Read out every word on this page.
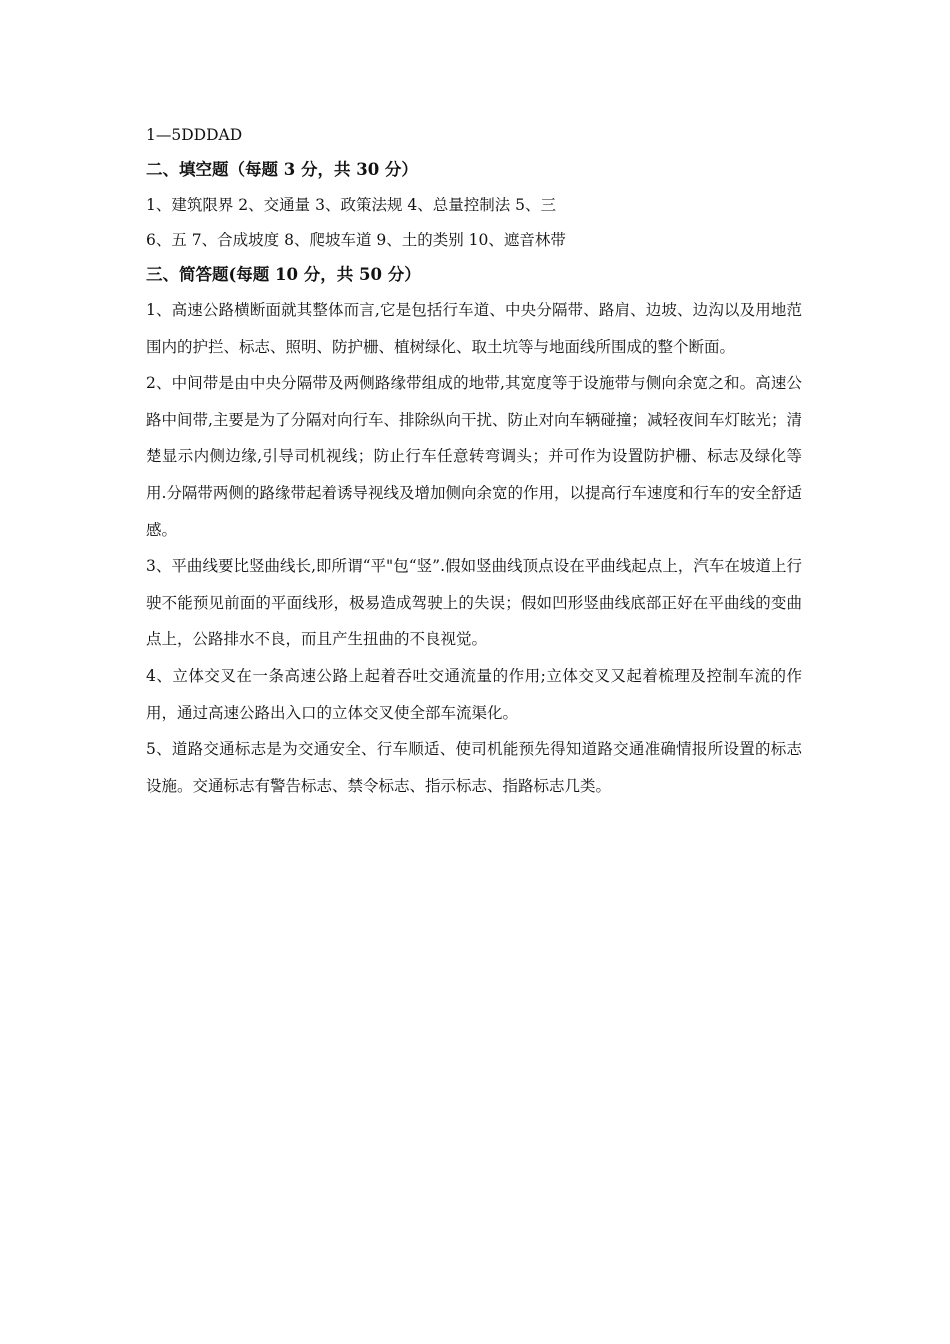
1—5DDDAD

二、填空题（每题 3 分，共 30 分）

1、建筑限界 2、交通量 3、政策法规 4、总量控制法 5、三

6、五 7、合成坡度 8、爬坡车道 9、土的类别 10、遮音林带

三、简答题(每题 10 分，共 50 分）

1、高速公路横断面就其整体而言,它是包括行车道、中央分隔带、路肩、边坡、边沟以及用地范围内的护拦、标志、照明、防护栅、植树绿化、取土坑等与地面线所围成的整个断面。

2、中间带是由中央分隔带及两侧路缘带组成的地带,其宽度等于设施带与侧向余宽之和。高速公路中间带,主要是为了分隔对向行车、排除纵向干扰、防止对向车辆碰撞；减轻夜间车灯眩光；清楚显示内侧边缘,引导司机视线；防止行车任意转弯调头；并可作为设置防护栅、标志及绿化等用.分隔带两侧的路缘带起着诱导视线及增加侧向余宽的作用，以提高行车速度和行车的安全舒适感。

3、平曲线要比竖曲线长,即所谓“平"包“竖”.假如竖曲线顶点设在平曲线起点上，汽车在坡道上行驶不能预见前面的平面线形，极易造成驾驶上的失误；假如凹形竖曲线底部正好在平曲线的变曲点上，公路排水不良，而且产生扭曲的不良视觉。

4、立体交叉在一条高速公路上起着吞吐交通流量的作用;立体交叉又起着梳理及控制车流的作用，通过高速公路出入口的立体交叉使全部车流渠化。

5、道路交通标志是为交通安全、行车顺适、使司机能预先得知道路交通准确情报所设置的标志设施。交通标志有警告标志、禁令标志、指示标志、指路标志几类。
